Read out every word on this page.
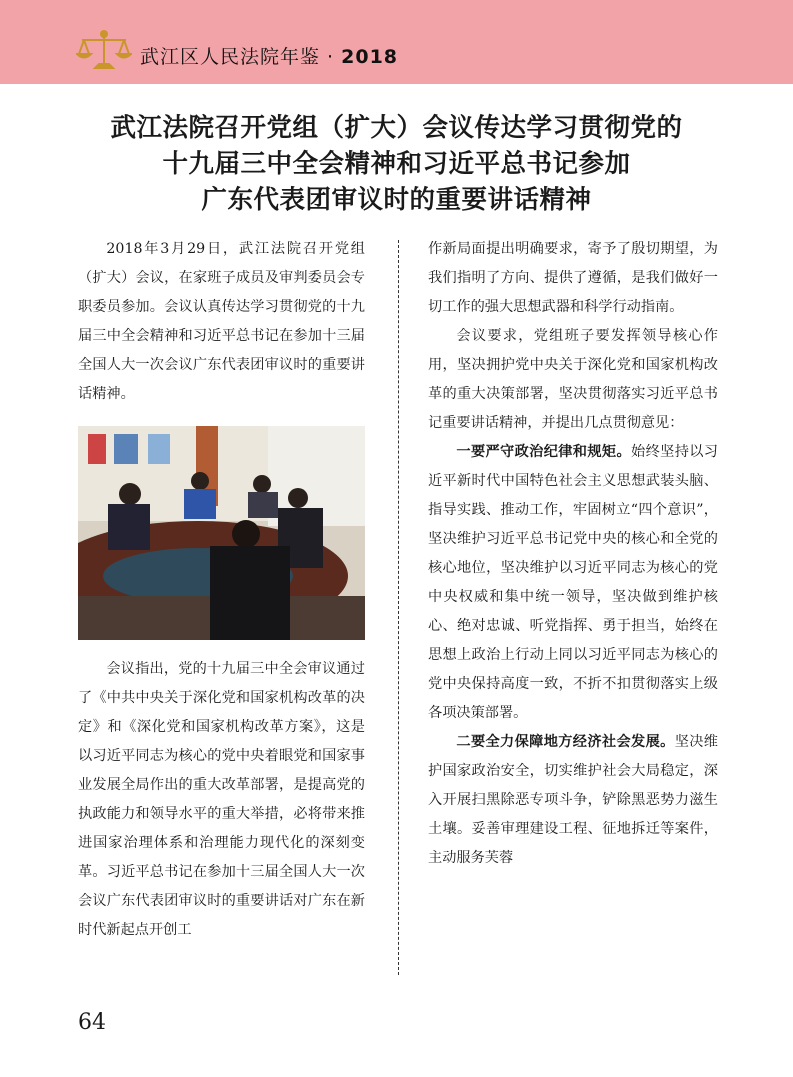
武江区人民法院年鉴 · 2018
武江法院召开党组（扩大）会议传达学习贯彻党的
十九届三中全会精神和习近平总书记参加
广东代表团审议时的重要讲话精神

2018年3月29日，武江法院召开党组（扩大）会议，在家班子成员及审判委员会专职委员参加。会议认真传达学习贯彻党的十九届三中全会精神和习近平总书记在参加十三届全国人大一次会议广东代表团审议时的重要讲话精神。

会议指出，党的十九届三中全会审议通过了《中共中央关于深化党和国家机构改革的决定》和《深化党和国家机构改革方案》，这是以习近平同志为核心的党中央着眼党和国家事业发展全局作出的重大改革部署，是提高党的执政能力和领导水平的重大举措，必将带来推进国家治理体系和治理能力现代化的深刻变革。习近平总书记在参加十三届全国人大一次会议广东代表团审议时的重要讲话对广东在新时代新起点开创工

作新局面提出明确要求，寄予了殷切期望，为我们指明了方向、提供了遵循，是我们做好一切工作的强大思想武器和科学行动指南。

会议要求，党组班子要发挥领导核心作用，坚决拥护党中央关于深化党和国家机构改革的重大决策部署，坚决贯彻落实习近平总书记重要讲话精神，并提出几点贯彻意见：

一要严守政治纪律和规矩。始终坚持以习近平新时代中国特色社会主义思想武装头脑、指导实践、推动工作，牢固树立“四个意识”，坚决维护习近平总书记党中央的核心和全党的核心地位，坚决维护以习近平同志为核心的党中央权威和集中统一领导，坚决做到维护核心、绝对忠诚、听党指挥、勇于担当，始终在思想上政治上行动上同以习近平同志为核心的党中央保持高度一致，不折不扣贯彻落实上级各项决策部署。

二要全力保障地方经济社会发展。坚决维护国家政治安全，切实维护社会大局稳定，深入开展扫黑除恶专项斗争，铲除黑恶势力滋生土壤。妥善审理建设工程、征地拆迁等案件，主动服务芙蓉

64
